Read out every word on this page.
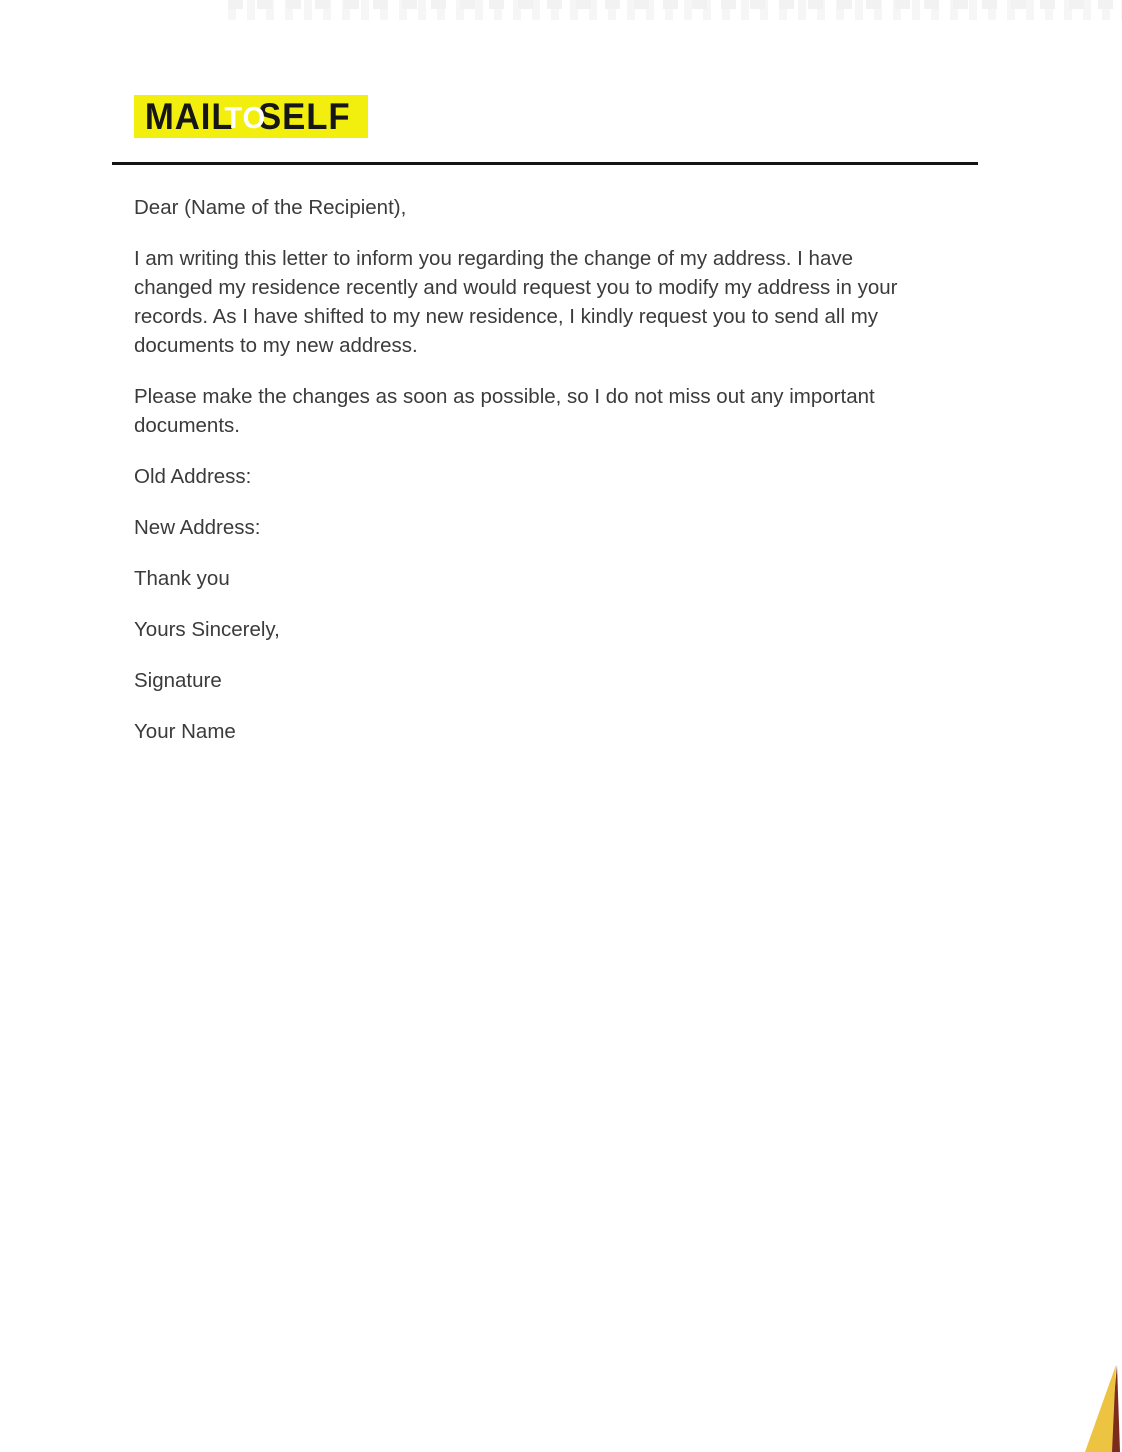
MAIL
TO
SELF

Dear (Name of the Recipient),

I am writing this letter to inform you regarding the change of my address. I have
changed my residence recently and would request you to modify my address in your
records. As I have shifted to my new residence, I kindly request you to send all my
documents to my new address.

Please make the changes as soon as possible, so I do not miss out any important
documents.

Old Address:

New Address:

Thank you

Yours Sincerely,

Signature

Your Name
